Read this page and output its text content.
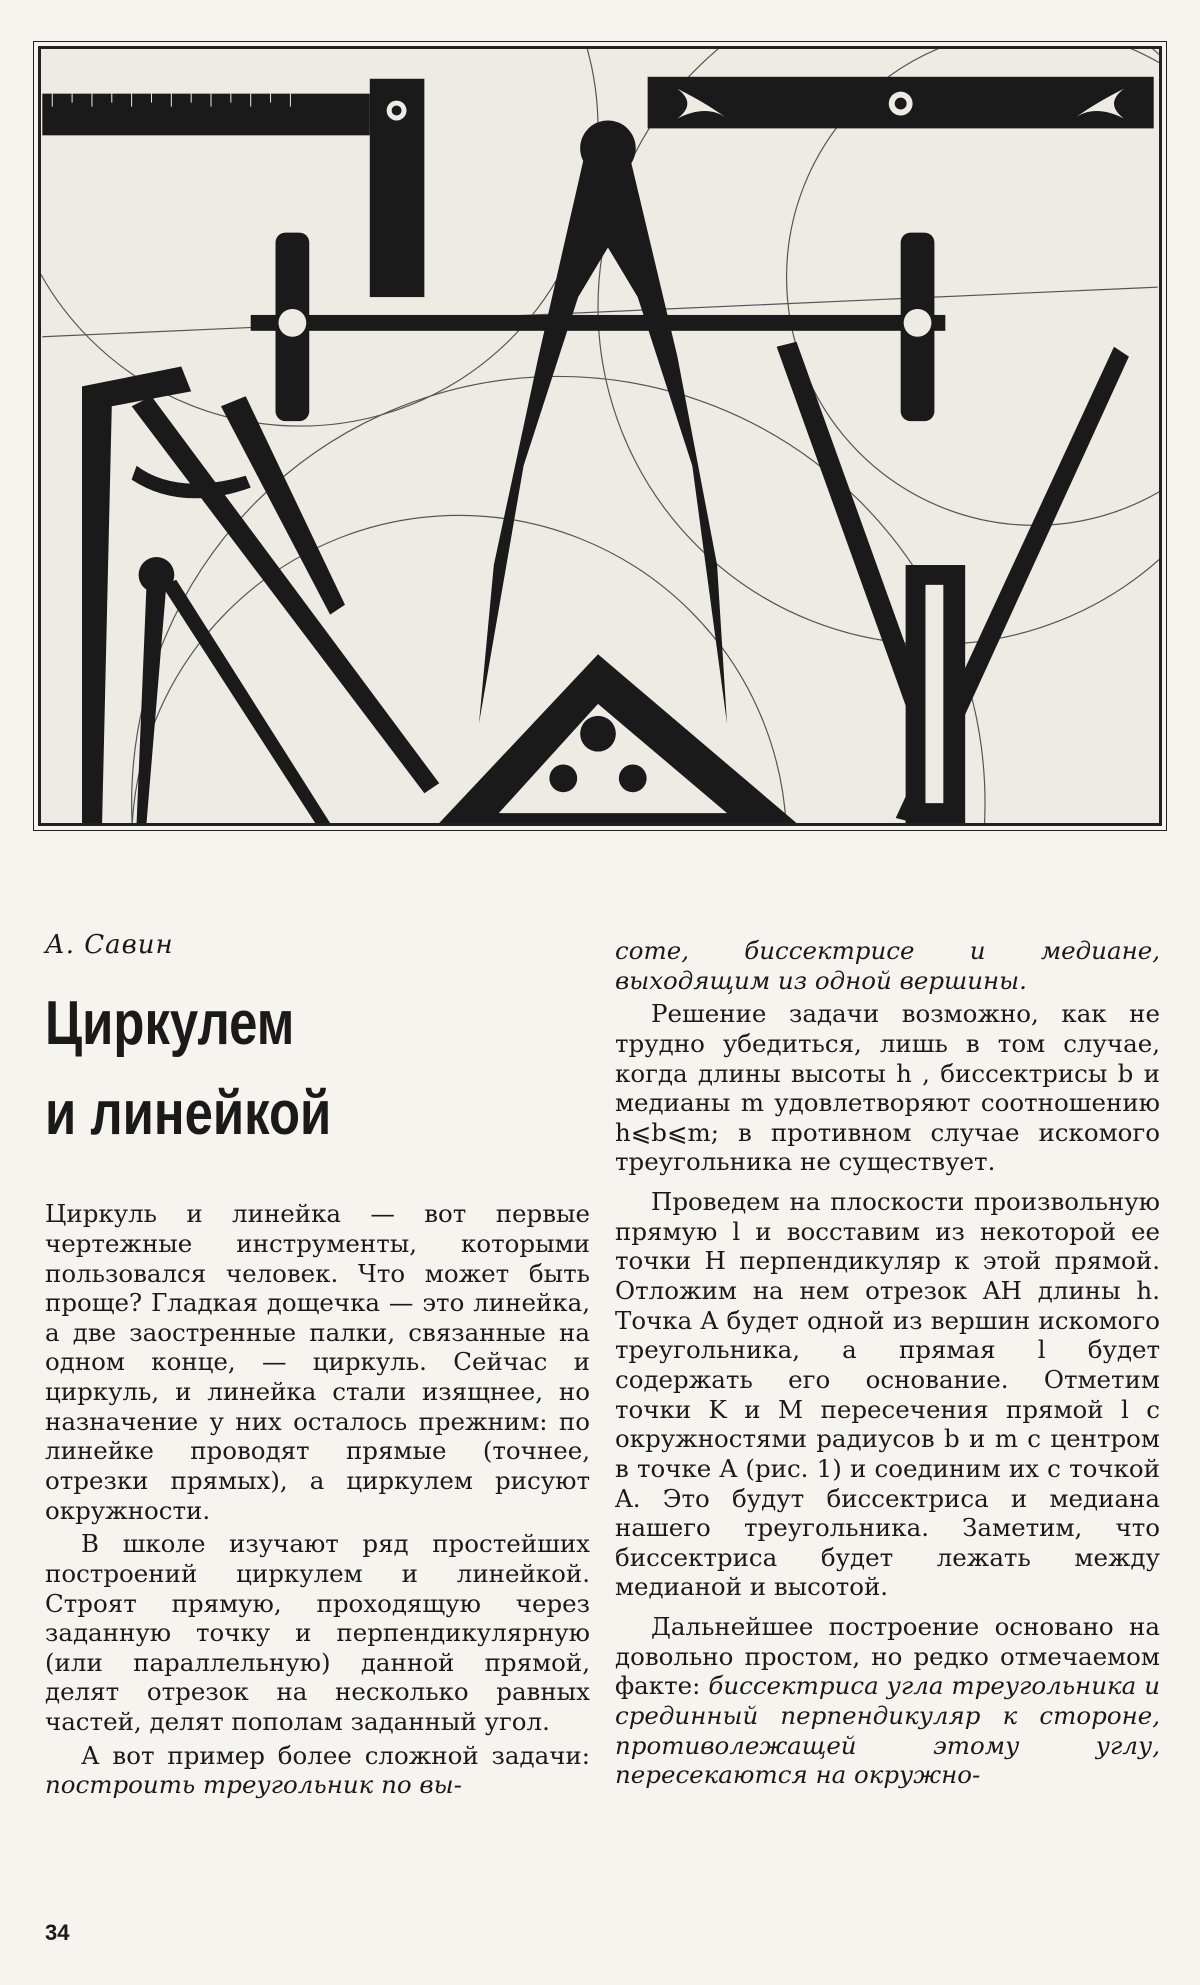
А. Савин
Циркулем
и линейкой

Циркуль и линейка — вот первые чертежные инструменты, которыми пользовался человек. Что может быть проще? Гладкая дощечка — это линейка, а две заостренные палки, связанные на одном конце, — циркуль. Сейчас и циркуль, и линейка стали изящнее, но назначение у них осталось прежним: по линейке проводят прямые (точнее, отрезки прямых), а циркулем рисуют окружности.

В школе изучают ряд простейших построений циркулем и линейкой. Строят прямую, проходящую через заданную точку и перпендикулярную (или параллельную) данной прямой, делят отрезок на несколько равных частей, делят пополам заданный угол.

А вот пример более сложной задачи: построить треугольник по вы-

соте, биссектрисе и медиане, выходящим из одной вершины.

Решение задачи возможно, как не трудно убедиться, лишь в том случае, когда длины высоты h , биссектрисы b и медианы m удовлетворяют соотношению h⩽b⩽m; в противном случае искомого треугольника не существует.

Проведем на плоскости произвольную прямую l и восставим из некоторой ее точки H перпендикуляр к этой прямой. Отложим на нем отрезок AH длины h. Точка A будет одной из вершин искомого треугольника, а прямая l будет содержать его основание. Отметим точки K и M пересечения прямой l с окружностями радиусов b и m с центром в точке A (рис. 1) и соединим их с точкой A. Это будут биссектриса и медиана нашего треугольника. Заметим, что биссектриса будет лежать между медианой и высотой.

Дальнейшее построение основано на довольно простом, но редко отмечаемом факте: биссектриса угла треугольника и срединный перпендикуляр к стороне, противолежащей этому углу, пересекаются на окружно-

34
